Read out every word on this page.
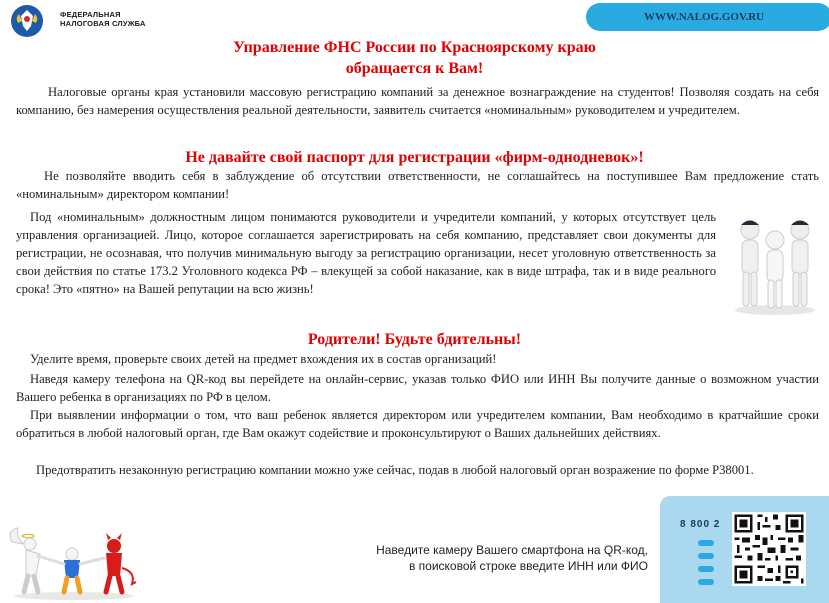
ФЕДЕРАЛЬНАЯ
НАЛОГОВАЯ СЛУЖБА
WWW.NALOG.GOV.RU
Управление ФНС России по Красноярскому краю
обращается к Вам!

Налоговые органы края установили массовую регистрацию компаний за денежное вознаграждение на студентов! Позволяя создать на себя компанию, без намерения осуществления реальной деятельности, заявитель считается «номинальным» руководителем и учредителем.

Не давайте свой паспорт для регистрации «фирм-однодневок»!

Не позволяйте вводить себя в заблуждение об отсутствии ответственности, не соглашайтесь на поступившее Вам предложение стать «номинальным» директором компании!

Под «номинальным» должностным лицом понимаются руководители и учредители компаний, у которых отсутствует цель управления организацией. Лицо, которое соглашается зарегистрировать на себя компанию, представляет свои документы для регистрации, не осознавая, что получив минимальную выгоду за регистрацию организации, несет уголовную ответственность за свои действия по статье 173.2 Уголовного кодекса РФ – влекущей за собой наказание, как в виде штрафа, так и в виде реального срока! Это «пятно» на Вашей репутации на всю жизнь!

Родители! Будьте бдительны!

Уделите время, проверьте своих детей на предмет вхождения их в состав организаций!

Наведя камеру телефона на QR-код вы перейдете на онлайн-сервис, указав только ФИО или ИНН Вы получите данные о возможном участии Вашего ребенка в организациях по РФ в целом.

При выявлении информации о том, что ваш ребенок является директором или учредителем компании, Вам необходимо в кратчайшие сроки обратиться в любой налоговый орган, где Вам окажут содействие и проконсультируют о Ваших дальнейших действиях.

Предотвратить незаконную регистрацию компании можно уже сейчас, подав в любой налоговый орган возражение по форме Р38001.

Наведите камеру Вашего смартфона на QR-код, в поисковой строке введите ИНН или ФИО
8 800 2
